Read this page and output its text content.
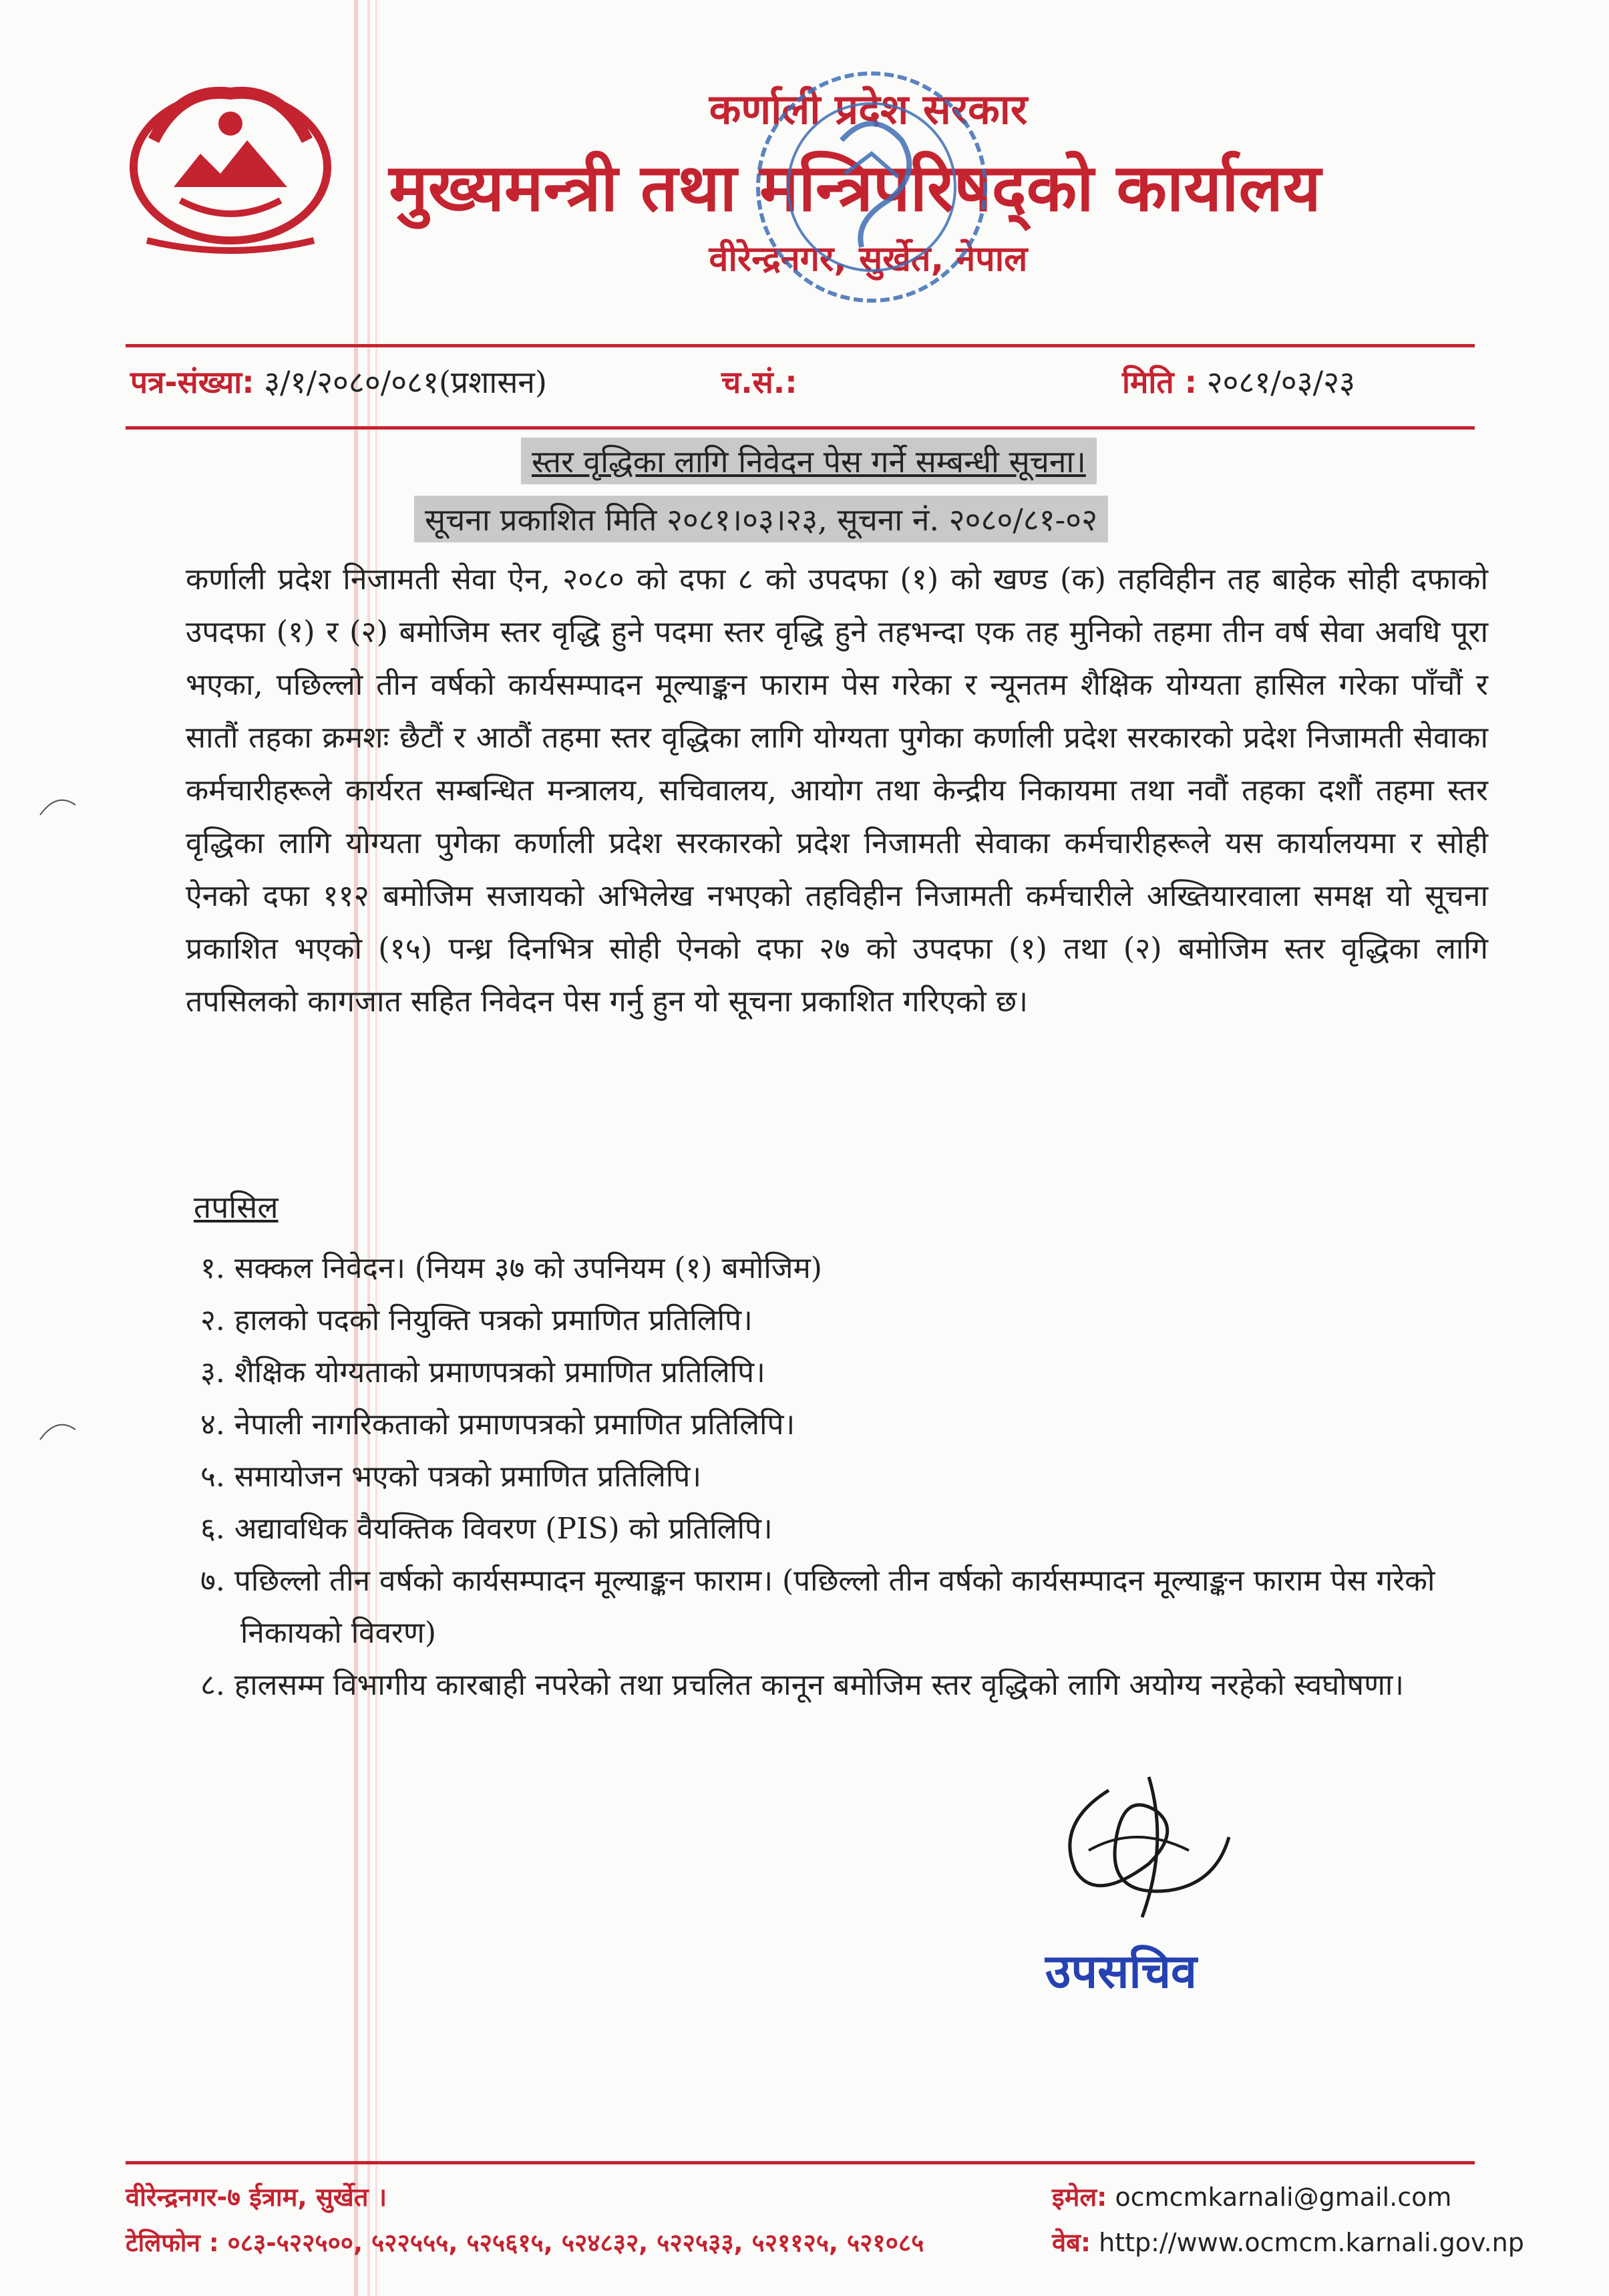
कर्णाली प्रदेश सरकार
मुख्यमन्त्री तथा मन्त्रिपरिषद्को कार्यालय
वीरेन्द्रनगर, सुर्खेत, नेपाल
पत्र-संख्या: ३/१/२०८०/०८१(प्रशासन)	च.सं.:	मिति : २०८१/०३/२३
स्तर वृद्धिका लागि निवेदन पेस गर्ने सम्बन्धी सूचना।
सूचना प्रकाशित मिति २०८१।०३।२३, सूचना नं. २०८०/८१-०२
कर्णाली प्रदेश निजामती सेवा ऐन, २०८० को दफा ८ को उपदफा (१) को खण्ड (क) तहविहीन तह बाहेक सोही दफाको उपदफा (१) र (२) बमोजिम स्तर वृद्धि हुने पदमा स्तर वृद्धि हुने तहभन्दा एक तह मुनिको तहमा तीन वर्ष सेवा अवधि पूरा भएका, पछिल्लो तीन वर्षको कार्यसम्पादन मूल्याङ्कन फाराम पेस गरेका र न्यूनतम शैक्षिक योग्यता हासिल गरेका पाँचौं र सातौं तहका क्रमशः छैटौं र आठौं तहमा स्तर वृद्धिका लागि योग्यता पुगेका कर्णाली प्रदेश सरकारको प्रदेश निजामती सेवाका कर्मचारीहरूले कार्यरत सम्बन्धित मन्त्रालय, सचिवालय, आयोग तथा केन्द्रीय निकायमा तथा नवौं तहका दशौं तहमा स्तर वृद्धिका लागि योग्यता पुगेका कर्णाली प्रदेश सरकारको प्रदेश निजामती सेवाका कर्मचारीहरूले यस कार्यालयमा र सोही ऐनको दफा ११२ बमोजिम सजायको अभिलेख नभएको तहविहीन निजामती कर्मचारीले अख्तियारवाला समक्ष यो सूचना प्रकाशित भएको (१५) पन्ध्र दिनभित्र सोही ऐनको दफा २७ को उपदफा (१) तथा (२) बमोजिम स्तर वृद्धिका लागि तपसिलको कागजात सहित निवेदन पेस गर्नु हुन यो सूचना प्रकाशित गरिएको छ।
तपसिल
१. सक्कल निवेदन। (नियम ३७ को उपनियम (१) बमोजिम)
२. हालको पदको नियुक्ति पत्रको प्रमाणित प्रतिलिपि।
३. शैक्षिक योग्यताको प्रमाणपत्रको प्रमाणित प्रतिलिपि।
४. नेपाली नागरिकताको प्रमाणपत्रको प्रमाणित प्रतिलिपि।
५. समायोजन भएको पत्रको प्रमाणित प्रतिलिपि।
६. अद्यावधिक वैयक्तिक विवरण (PIS) को प्रतिलिपि।
७. पछिल्लो तीन वर्षको कार्यसम्पादन मूल्याङ्कन फाराम। (पछिल्लो तीन वर्षको कार्यसम्पादन मूल्याङ्कन फाराम पेस गरेको निकायको विवरण)
८. हालसम्म विभागीय कारबाही नपरेको तथा प्रचलित कानून बमोजिम स्तर वृद्धिको लागि अयोग्य नरहेको स्वघोषणा।
उपसचिव
वीरेन्द्रनगर-७ ईत्राम, सुर्खेत ।
टेलिफोन : ०८३-५२२५००, ५२२५५५, ५२५६१५, ५२४८३२, ५२२५३३, ५२११२५, ५२१०८५
इमेल: ocmcmkarnali@gmail.com
वेब: http://www.ocmcm.karnali.gov.np
